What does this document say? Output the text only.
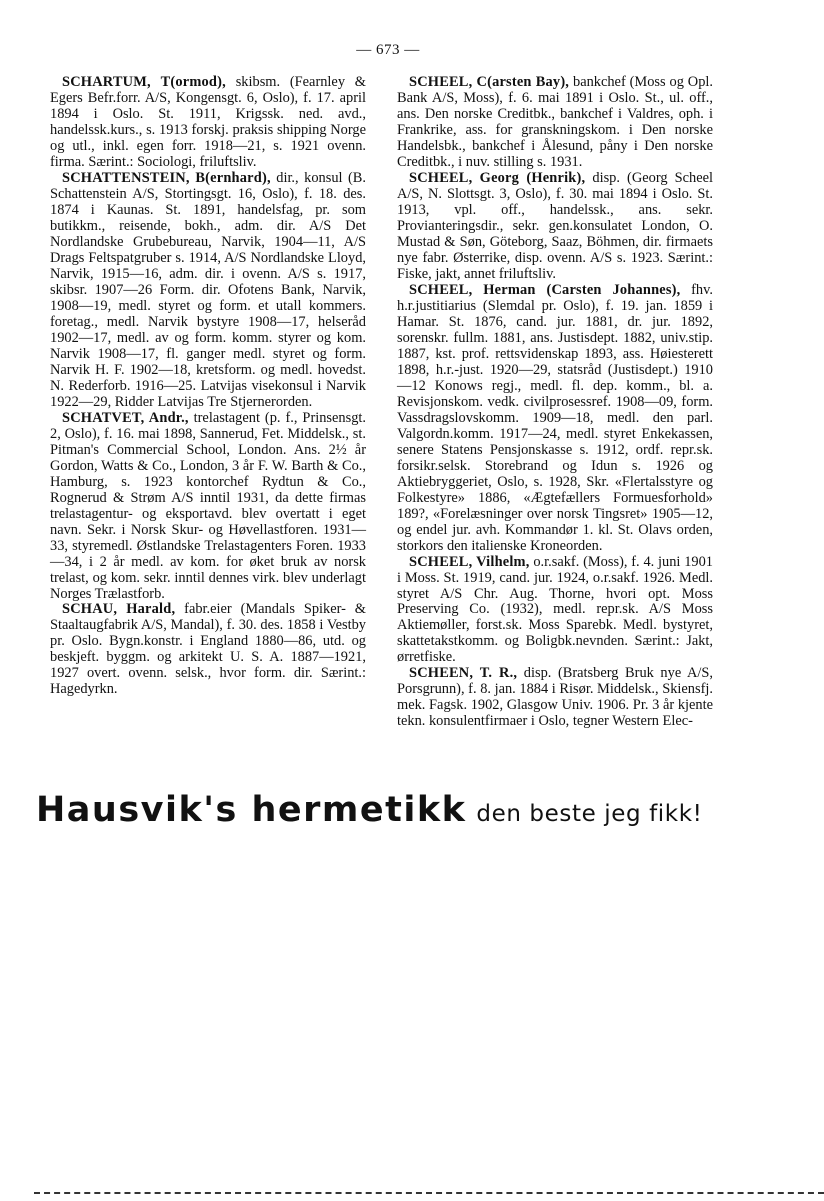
— 673 —

SCHARTUM, T(ormod), skibsm. (Fearnley & Egers Befr.forr. A/S, Kongensgt. 6, Oslo), f. 17. april 1894 i Oslo. St. 1911, Krigssk. ned. avd., handelssk.kurs., s. 1913 forskj. praksis shipping Norge og utl., inkl. egen forr. 1918—21, s. 1921 ovenn. firma. Særint.: Sociologi, friluftsliv.

SCHATTENSTEIN, B(ernhard), dir., konsul (B. Schattenstein A/S, Stortingsgt. 16, Oslo), f. 18. des. 1874 i Kaunas. St. 1891, handelsfag, pr. som butikkm., reisende, bokh., adm. dir. A/S Det Nordlandske Grubebureau, Narvik, 1904—11, A/S Drags Feltspatgruber s. 1914, A/S Nordlandske Lloyd, Narvik, 1915—16, adm. dir. i ovenn. A/S s. 1917, skibsr. 1907—26 Form. dir. Ofotens Bank, Narvik, 1908—19, medl. styret og form. et utall kommers. foretag., medl. Narvik bystyre 1908—17, helseråd 1902—17, medl. av og form. komm. styrer og kom. Narvik 1908—17, fl. ganger medl. styret og form. Narvik H. F. 1902—18, kretsform. og medl. hovedst. N. Rederforb. 1916—25. Latvijas visekonsul i Narvik 1922—29, Ridder Latvijas Tre Stjernerorden.

SCHATVET, Andr., trelastagent (p. f., Prinsensgt. 2, Oslo), f. 16. mai 1898, Sannerud, Fet. Middelsk., st. Pitman's Commercial School, London. Ans. 2½ år Gordon, Watts & Co., London, 3 år F. W. Barth & Co., Hamburg, s. 1923 kontorchef Rydtun & Co., Rognerud & Strøm A/S inntil 1931, da dette firmas trelastagentur- og eksportavd. blev overtatt i eget navn. Sekr. i Norsk Skur- og Høvellastforen. 1931—33, styremedl. Østlandske Trelastagenters Foren. 1933—34, i 2 år medl. av kom. for øket bruk av norsk trelast, og kom. sekr. inntil dennes virk. blev underlagt Norges Trælastforb.

SCHAU, Harald, fabr.eier (Mandals Spiker- & Staaltaugfabrik A/S, Mandal), f. 30. des. 1858 i Vestby pr. Oslo. Bygn.konstr. i England 1880—86, utd. og beskjeft. byggm. og arkitekt U. S. A. 1887—1921, 1927 overt. ovenn. selsk., hvor form. dir. Særint.: Hagedyrkn.

SCHEEL, C(arsten Bay), bankchef (Moss og Opl. Bank A/S, Moss), f. 6. mai 1891 i Oslo. St., ul. off., ans. Den norske Creditbk., bankchef i Valdres, oph. i Frankrike, ass. for granskningskom. i Den norske Handelsbk., bankchef i Ålesund, påny i Den norske Creditbk., i nuv. stilling s. 1931.

SCHEEL, Georg (Henrik), disp. (Georg Scheel A/S, N. Slottsgt. 3, Oslo), f. 30. mai 1894 i Oslo. St. 1913, vpl. off., handelssk., ans. sekr. Provianteringsdir., sekr. gen.konsulatet London, O. Mustad & Søn, Göteborg, Saaz, Böhmen, dir. firmaets nye fabr. Østerrike, disp. ovenn. A/S s. 1923. Særint.: Fiske, jakt, annet friluftsliv.

SCHEEL, Herman (Carsten Johannes), fhv. h.r.justitiarius (Slemdal pr. Oslo), f. 19. jan. 1859 i Hamar. St. 1876, cand. jur. 1881, dr. jur. 1892, sorenskr. fullm. 1881, ans. Justisdept. 1882, univ.stip. 1887, kst. prof. rettsvidenskap 1893, ass. Høiesterett 1898, h.r.-just. 1920—29, statsråd (Justisdept.) 1910—12 Konows regj., medl. fl. dep. komm., bl. a. Revisjonskom. vedk. civilprosessref. 1908—09, form. Vassdragslovskomm. 1909—18, medl. den parl. Valgordn.komm. 1917—24, medl. styret Enkekassen, senere Statens Pensjonskasse s. 1912, ordf. repr.sk. forsikr.selsk. Storebrand og Idun s. 1926 og Aktiebryggeriet, Oslo, s. 1928, Skr. «Flertalsstyre og Folkestyre» 1886, «Ægtefællers Formuesforhold» 189?, «Forelæsninger over norsk Tingsret» 1905—12, og endel jur. avh. Kommandør 1. kl. St. Olavs orden, storkors den italienske Kroneorden.

SCHEEL, Vilhelm, o.r.sakf. (Moss), f. 4. juni 1901 i Moss. St. 1919, cand. jur. 1924, o.r.sakf. 1926. Medl. styret A/S Chr. Aug. Thorne, hvori opt. Moss Preserving Co. (1932), medl. repr.sk. A/S Moss Aktiemøller, forst.sk. Moss Sparebk. Medl. bystyret, skattetakstkomm. og Boligbk.nevnden. Særint.: Jakt, ørretfiske.

SCHEEN, T. R., disp. (Bratsberg Bruk nye A/S, Porsgrunn), f. 8. jan. 1884 i Risør. Middelsk., Skiensfj. mek. Fagsk. 1902, Glasgow Univ. 1906. Pr. 3 år kjente tekn. konsulentfirmaer i Oslo, tegner Western Elec-

Hausvik's hermetikk den beste jeg fikk!
